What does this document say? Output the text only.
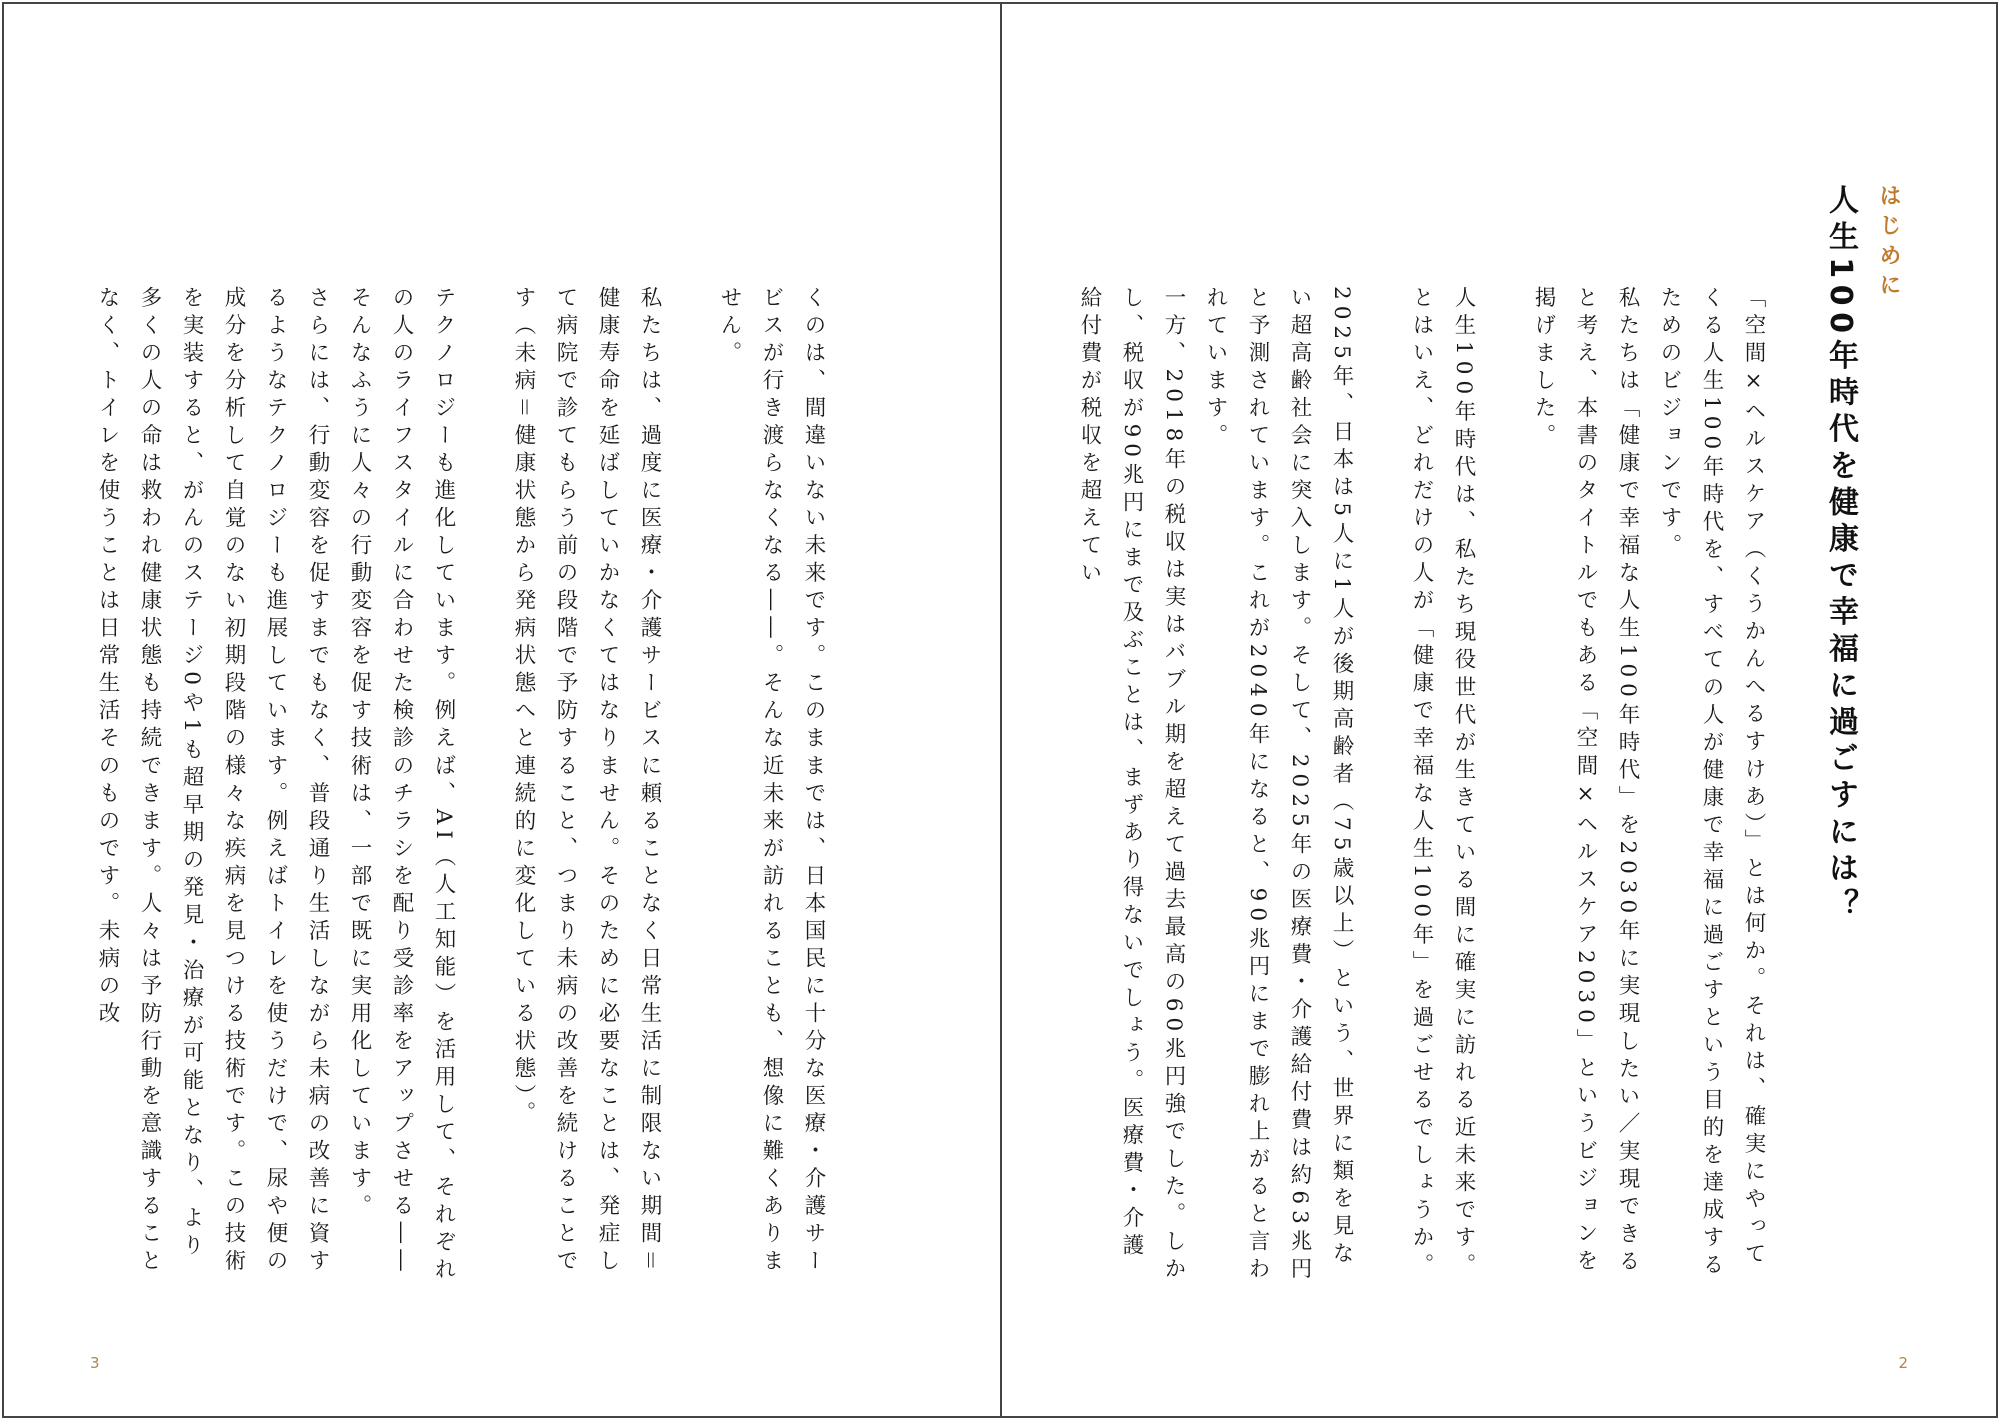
くのは、間違いない未来です。このままでは、日本国民に十分な医療・介護サービスが行き渡らなくなる――。そんな近未来が訪れることも、想像に難くありません。

私たちは、過度に医療・介護サービスに頼ることなく日常生活に制限ない期間＝健康寿命を延ばしていかなくてはなりません。そのために必要なことは、発症して病院で診てもらう前の段階で予防すること、つまり未病の改善を続けることです（未病＝健康状態から発病状態へと連続的に変化している状態）。

テクノロジーも進化しています。例えば、AI（人工知能）を活用して、それぞれの人のライフスタイルに合わせた検診のチラシを配り受診率をアップさせる――そんなふうに人々の行動変容を促す技術は、一部で既に実用化しています。

さらには、行動変容を促すまでもなく、普段通り生活しながら未病の改善に資するようなテクノロジーも進展しています。例えばトイレを使うだけで、尿や便の成分を分析して自覚のない初期段階の様々な疾病を見つける技術です。この技術を実装すると、がんのステージ0や1も超早期の発見・治療が可能となり、より多くの人の命は救われ健康状態も持続できます。人々は予防行動を意識することなく、トイレを使うことは日常生活そのものです。未病の改

3
はじめに
人生100年時代を健康で幸福に過ごすには？

「空間×ヘルスケア（くうかんへるすけあ）」とは何か。それは、確実にやってくる人生100年時代を、すべての人が健康で幸福に過ごすという目的を達成するためのビジョンです。

私たちは「健康で幸福な人生100年時代」を2030年に実現したい／実現できると考え、本書のタイトルでもある「空間×ヘルスケア2030」というビジョンを掲げました。

人生100年時代は、私たち現役世代が生きている間に確実に訪れる近未来です。とはいえ、どれだけの人が「健康で幸福な人生100年」を過ごせるでしょうか。

2025年、日本は5人に1人が後期高齢者（75歳以上）という、世界に類を見ない超高齢社会に突入します。そして、2025年の医療費・介護給付費は約63兆円と予測されています。これが2040年になると、90兆円にまで膨れ上がると言われています。

一方、2018年の税収は実はバブル期を超えて過去最高の60兆円強でした。しかし、税収が90兆円にまで及ぶことは、まずあり得ないでしょう。医療費・介護給付費が税収を超えてい

2
